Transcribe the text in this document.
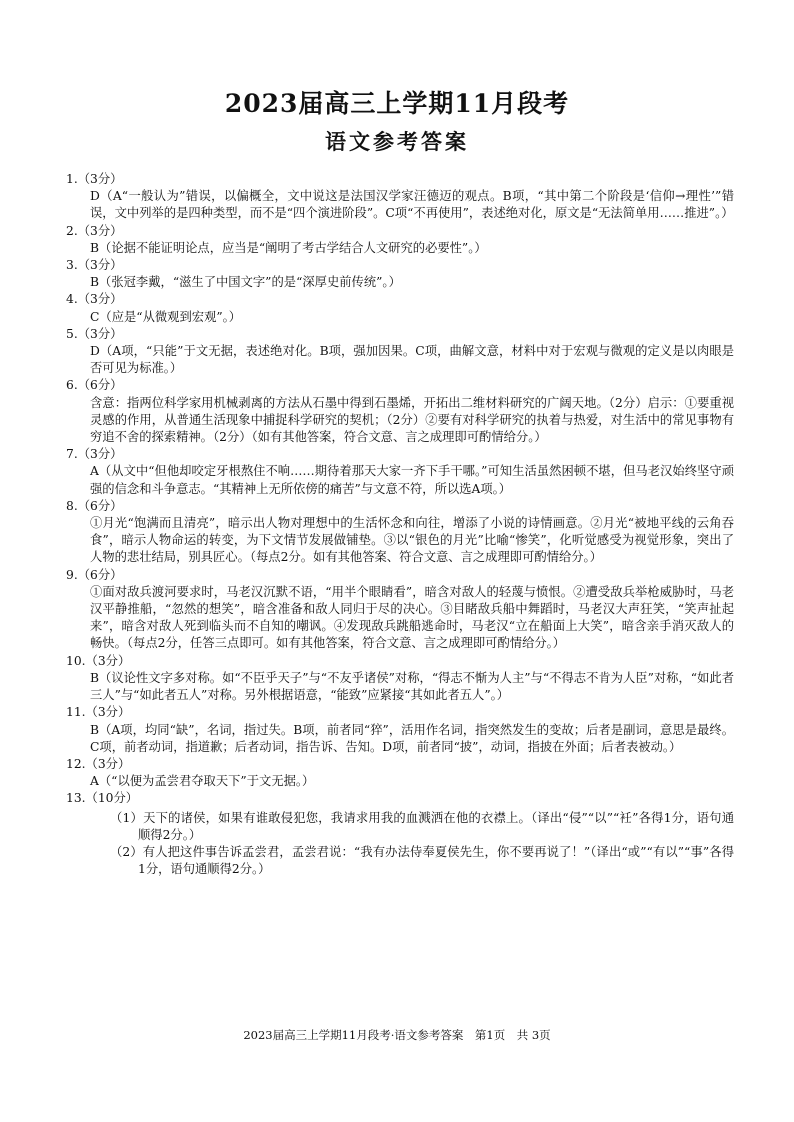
2023届高三上学期11月段考
语文参考答案

1.（3分）

D（A“一般认为”错误，以偏概全，文中说这是法国汉学家汪德迈的观点。B项，“其中第二个阶段是‘信仰→理性’”错误，文中列举的是四种类型，而不是“四个演进阶段”。C项“不再使用”，表述绝对化，原文是“无法简单用……推进”。）

2.（3分）

B（论据不能证明论点，应当是“阐明了考古学结合人文研究的必要性”。）

3.（3分）

B（张冠李戴，“滋生了中国文字”的是“深厚史前传统”。）

4.（3分）

C（应是“从微观到宏观”。）

5.（3分）

D（A项，“只能”于文无据，表述绝对化。B项，强加因果。C项，曲解文意，材料中对于宏观与微观的定义是以肉眼是否可见为标准。）

6.（6分）

含意：指两位科学家用机械剥离的方法从石墨中得到石墨烯，开拓出二维材料研究的广阔天地。（2分）启示：①要重视灵感的作用，从普通生活现象中捕捉科学研究的契机；（2分）②要有对科学研究的执着与热爱，对生活中的常见事物有穷追不舍的探索精神。（2分）（如有其他答案，符合文意、言之成理即可酌情给分。）

7.（3分）

A（从文中“但他却咬定牙根熬住不响……期待着那天大家一齐下手干哪。”可知生活虽然困顿不堪，但马老汉始终坚守顽强的信念和斗争意志。“其精神上无所依傍的痛苦”与文意不符，所以选A项。）

8.（6分）

①月光“饱满而且清亮”，暗示出人物对理想中的生活怀念和向往，增添了小说的诗情画意。②月光“被地平线的云角吞食”，暗示人物命运的转变，为下文情节发展做铺垫。③以“银色的月光”比喻“惨笑”，化听觉感受为视觉形象，突出了人物的悲壮结局，别具匠心。（每点2分。如有其他答案、符合文意、言之成理即可酌情给分。）

9.（6分）

①面对敌兵渡河要求时，马老汉沉默不语，“用半个眼睛看”，暗含对敌人的轻蔑与愤恨。②遭受敌兵举枪威胁时，马老汉平静推船，“忽然的想笑”，暗含准备和敌人同归于尽的决心。③目睹敌兵船中舞蹈时，马老汉大声狂笑，“笑声扯起来”，暗含对敌人死到临头而不自知的嘲讽。④发现敌兵跳船逃命时，马老汉“立在船面上大笑”，暗含亲手消灭敌人的畅快。（每点2分，任答三点即可。如有其他答案，符合文意、言之成理即可酌情给分。）

10.（3分）

B（议论性文字多对称。如“不臣乎天子”与“不友乎诸侯”对称，“得志不惭为人主”与“不得志不肯为人臣”对称，“如此者三人”与“如此者五人”对称。另外根据语意，“能致”应紧接“其如此者五人”。）

11.（3分）

B（A项，均同“缺”，名词，指过失。B项，前者同“猝”，活用作名词，指突然发生的变故；后者是副词，意思是最终。C项，前者动词，指道歉；后者动词，指告诉、告知。D项，前者同“披”，动词，指披在外面；后者表被动。）

12.（3分）

A（“以便为孟尝君夺取天下”于文无据。）

13.（10分）

（1）天下的诸侯，如果有谁敢侵犯您，我请求用我的血溅洒在他的衣襟上。（译出“侵”“以”“衽”各得1分，语句通顺得2分。）

（2）有人把这件事告诉孟尝君，孟尝君说：“我有办法侍奉夏侯先生，你不要再说了！”（译出“或”“有以”“事”各得1分，语句通顺得2分。）

2023届高三上学期11月段考·语文参考答案　第1页　共 3页
